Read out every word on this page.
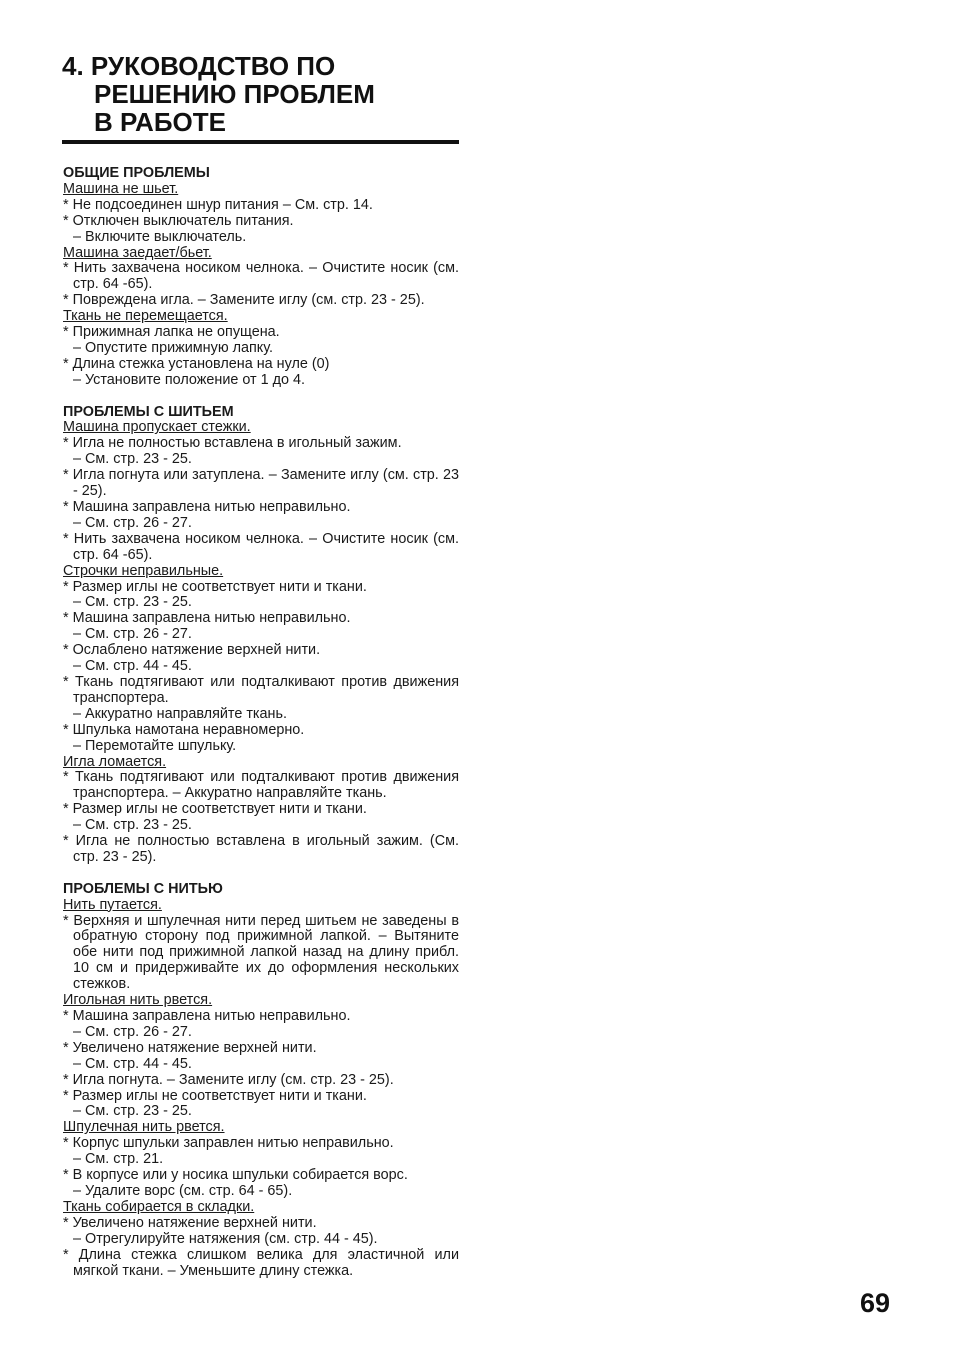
4. РУКОВОДСТВО ПО
РЕШЕНИЮ ПРОБЛЕМ
В РАБОТЕ

ОБЩИЕ ПРОБЛЕМЫ

Машина не шьет.

* Не подсоединен шнур питания – См. стр. 14.

* Отключен выключатель питания.

– Включите выключатель.

Машина заедает/бьет.

* Нить захвачена носиком челнока. – Очистите носик (см. стр. 64 -65).

* Повреждена игла. – Замените иглу (см. стр. 23 - 25).

Ткань не перемещается.

* Прижимная лапка не опущена.

– Опустите прижимную лапку.

* Длина стежка установлена на нуле (0)

– Установите положение от 1 до 4.

ПРОБЛЕМЫ С ШИТЬЕМ

Машина пропускает стежки.

* Игла не полностью вставлена в игольный зажим.

– См. стр. 23 - 25.

* Игла погнута или затуплена. – Замените иглу (см. стр. 23 - 25).

* Машина заправлена нитью неправильно.

– См. стр. 26 - 27.

* Нить захвачена носиком челнока. – Очистите носик (см. стр. 64 -65).

Строчки неправильные.

* Размер иглы не соответствует нити и ткани.

– См. стр. 23 - 25.

* Машина заправлена нитью неправильно.

– См. стр. 26 - 27.

* Ослаблено натяжение верхней нити.

– См. стр. 44 - 45.

* Ткань подтягивают или подталкивают против движения транспортера.

– Аккуратно направляйте ткань.

* Шпулька намотана неравномерно.

– Перемотайте шпульку.

Игла ломается.

* Ткань подтягивают или подталкивают против движения транспортера. – Аккуратно направляйте ткань.

* Размер иглы не соответствует нити и ткани.

– См. стр. 23 - 25.

* Игла не полностью вставлена в игольный зажим. (См. стр. 23 - 25).

ПРОБЛЕМЫ С НИТЬЮ

Нить путается.

* Верхняя и шпулечная нити перед шитьем не заведены в обратную сторону под прижимной лапкой. – Вытяните обе нити под прижимной лапкой назад на длину прибл. 10 см и придерживайте их до оформления нескольких стежков.

Игольная нить рвется.

* Машина заправлена нитью неправильно.

– См. стр. 26 - 27.

* Увеличено натяжение верхней нити.

– См. стр. 44 - 45.

* Игла погнута. – Замените иглу (см. стр. 23 - 25).

* Размер иглы не соответствует нити и ткани.

– См. стр. 23 - 25.

Шпулечная нить рвется.

* Корпус шпульки заправлен нитью неправильно.

– См. стр. 21.

* В корпусе или у носика шпульки собирается ворс.

– Удалите ворс (см. стр. 64 - 65).

Ткань собирается в складки.

* Увеличено натяжение верхней нити.

– Отрегулируйте натяжения (см. стр. 44 - 45).

* Длина стежка слишком велика для эластичной или мягкой ткани. – Уменьшите длину стежка.

69
